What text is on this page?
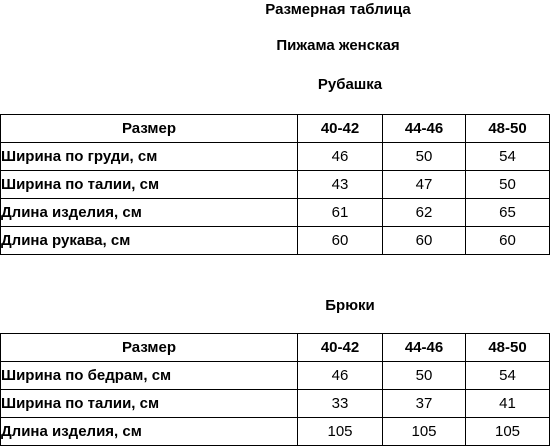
Размерная таблица
Пижама женская
Рубашка
Размер	40-42	44-46	48-50
Ширина по груди, см	46	50	54
Ширина по талии, см	43	47	50
Длина изделия, см	61	62	65
Длина рукава, см	60	60	60
Брюки
Размер	40-42	44-46	48-50
Ширина по бедрам, см	46	50	54
Ширина по талии, см	33	37	41
Длина изделия, см	105	105	105
